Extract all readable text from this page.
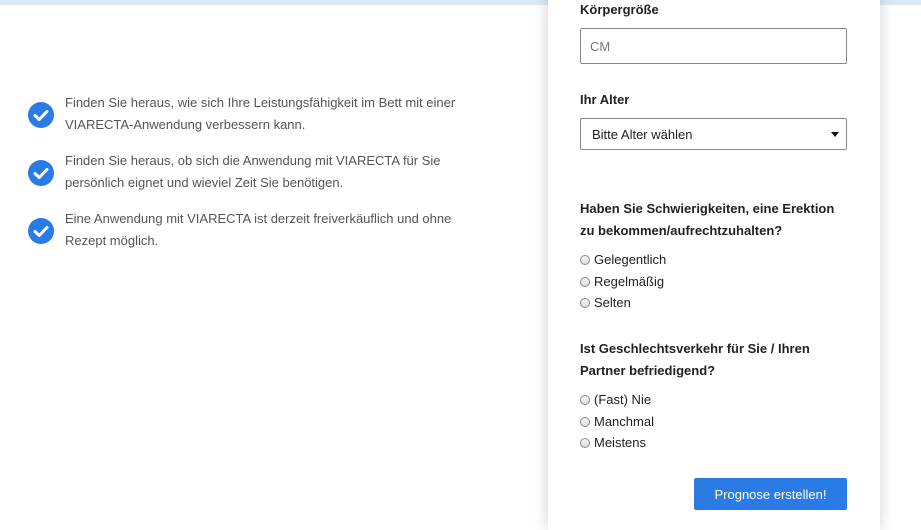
Finden Sie heraus, wie sich Ihre Leistungsfähigkeit im Bett mit einer VIARECTA-Anwendung verbessern kann.

Finden Sie heraus, ob sich die Anwendung mit VIARECTA für Sie persönlich eignet und wieviel Zeit Sie benötigen.

Eine Anwendung mit VIARECTA ist derzeit freiverkäuflich und ohne Rezept möglich.

Körpergröße
CM
Ihr Alter
Bitte Alter wählen
Haben Sie Schwierigkeiten, eine Erektion zu bekommen/aufrechtzuhalten?
Gelegentlich
Regelmäßig
Selten
Ist Geschlechtsverkehr für Sie / Ihren Partner befriedigend?
(Fast) Nie
Manchmal
Meistens
Prognose erstellen!
